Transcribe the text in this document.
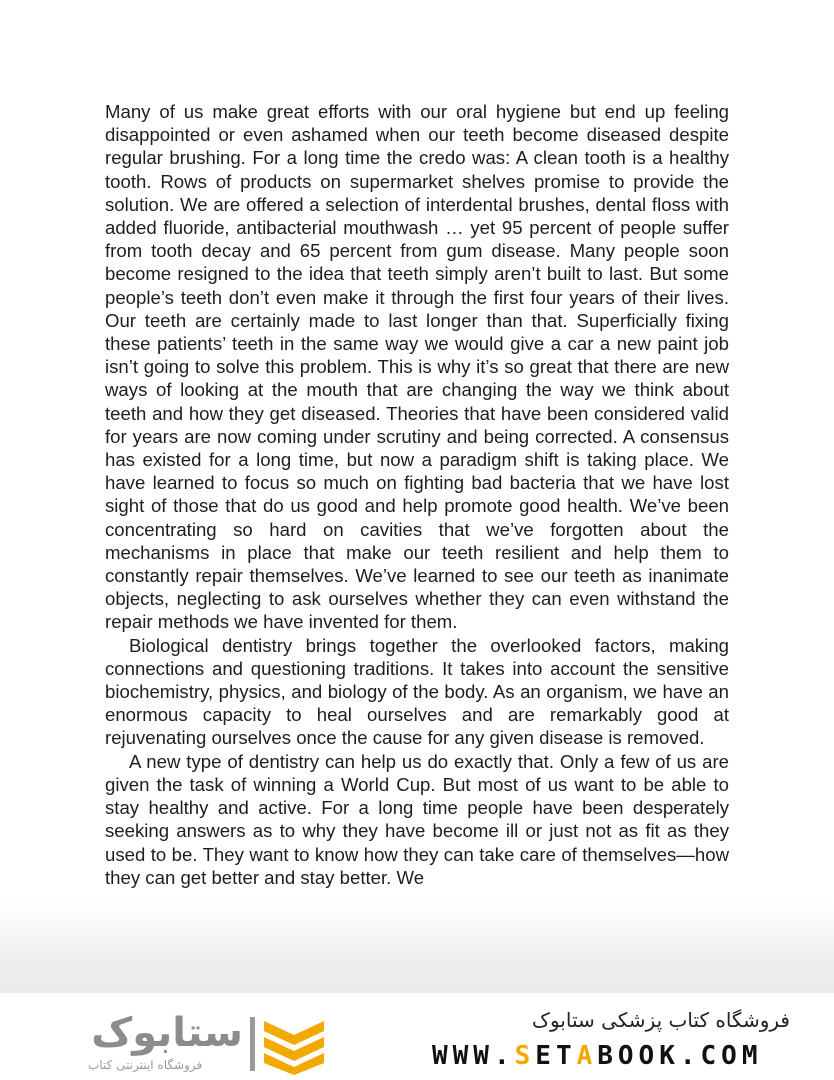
Many of us make great efforts with our oral hygiene but end up feeling disappointed or even ashamed when our teeth become diseased despite regular brushing. For a long time the credo was: A clean tooth is a healthy tooth. Rows of products on supermarket shelves promise to provide the solution. We are offered a selection of interdental brushes, dental floss with added fluoride, antibacterial mouthwash … yet 95 percent of people suffer from tooth decay and 65 percent from gum disease. Many people soon become resigned to the idea that teeth simply aren’t built to last. But some people’s teeth don’t even make it through the first four years of their lives. Our teeth are certainly made to last longer than that. Superficially fixing these patients’ teeth in the same way we would give a car a new paint job isn’t going to solve this problem. This is why it’s so great that there are new ways of looking at the mouth that are changing the way we think about teeth and how they get diseased. Theories that have been considered valid for years are now coming under scrutiny and being corrected. A consensus has existed for a long time, but now a paradigm shift is taking place. We have learned to focus so much on fighting bad bacteria that we have lost sight of those that do us good and help promote good health. We’ve been concentrating so hard on cavities that we’ve forgotten about the mechanisms in place that make our teeth resilient and help them to constantly repair themselves. We’ve learned to see our teeth as inanimate objects, neglecting to ask ourselves whether they can even withstand the repair methods we have invented for them.

Biological dentistry brings together the overlooked factors, making connections and questioning traditions. It takes into account the sensitive biochemistry, physics, and biology of the body. As an organism, we have an enormous capacity to heal ourselves and are remarkably good at rejuvenating ourselves once the cause for any given disease is removed.

A new type of dentistry can help us do exactly that. Only a few of us are given the task of winning a World Cup. But most of us want to be able to stay healthy and active. For a long time people have been desperately seeking answers as to why they have become ill or just not as fit as they used to be. They want to know how they can take care of themselves—how they can get better and stay better. We

ستابوک
فروشگاه اینترنتی کتاب
فروشگاه کتاب پزشکی ستابوک
WWW.SETABOOK.COM
